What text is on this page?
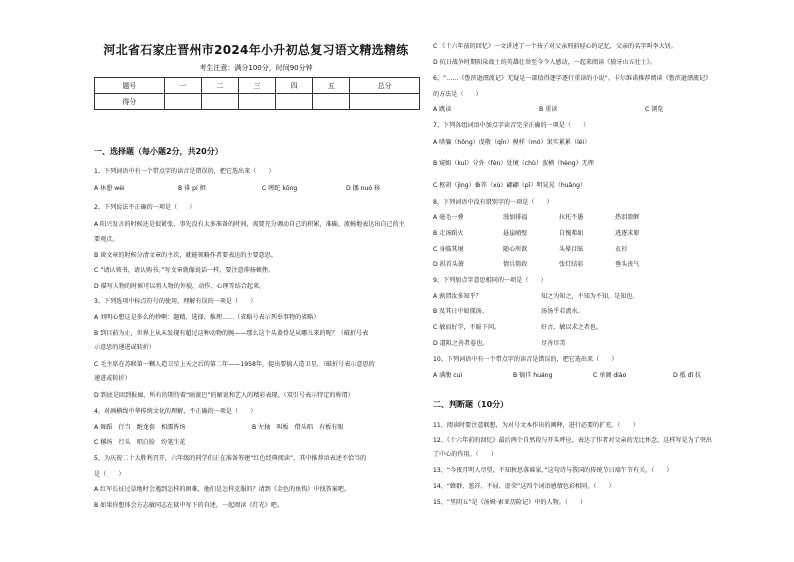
河北省石家庄晋州市2024年小升初总复习语文精选精练
考生注意：满分100分，时间90分钟
题号	一	二	三	四	五	总分
得分						
一、选择题（每小题2分，共20分）
1、下列词语中有一个带点字的读音是错误的，把它选出来（　　）
A 休憩 wèi	B 徘 pí 徊	C 嗟跎 kōng	D 挪 nuó 移
2、下列说法不正确的一项是（　　）
A 阳兴发言的时候还是很紧张，事先没有太多准备的时间，需要充分调动自己的积累，准确、流畅地表达出自己的主
要观点。
B 谈文章的时候分清文章的主次，就能领略作者要表达的主要意思。
C “请认领书，请认购书。”写文章就像说话一样，要注意抑扬顿挫。
D 描写人物的时候可以将人物的外貌、动作、心理等结合起来。
3、下列选项中标点符号的使用，理解有误的一项是（　　）
A 刘明心想这是多么的妙啊：题精、选择、推理……（省略号表示列举事物的省略）
B 到目前为止，世界上从未发现有超过这种动物的腕——那么这个头盖骨是从哪儿来的呢？（破折号表
示意思的递进或转折）
C 毛主席在苏联第一颗人造卫星上天之后的第二年——1958年，提出要搞人造卫星。（破折号表示意思的
递进或转折）
D 到底是回到报廊，所有的期待着“暗渡巴”的解说和艺人的精彩表现。（双引号表示特定的称谓）
4、对画横线中华传统文化的理解，不正确的一项是（　　）
A 舞蹈　行当　跑龙套　相濡皆场	B 左轴　叫板　借头唱　有板有眼
C 撂场　行头　唱白脸　纷笔生花
5、为庆祝二十大胜利召开，六年级的同学们正在准备筹建“红色经典阅读”，其中推荐语表述不恰当的
是（　　）
A 红军长征过草地时会遇到怎样的困难，他们是怎样克服的？请到《金色的鱼钩》中找答案吧。
B 如果你想体会方志敏同志在狱中写下的自述，一起阅读《灯光》吧。
C 《十六年前的回忆》一文讲述了一个孩子对父亲刑前轻心的记忆，父亲的名字叫李大钊。
D 抗日战争时期阳泉战士的英雄壮举至今令人感动，一起来阅读《狼牙山五壮士》。
6、“……《鲁滨逊漂流记》无疑是一部值得逐字逐行重读的小说”。卡尔维诺推荐阅读《鲁滨逊漂流记》
的方法是（　　）
A 跳读	B 重读	C 浏览
7、下列各组词语中加点字读音完全正确的一项是（　　）
A 哄骗（hǒng）虔敬（qīn）模样（mó）果实累累（léi）
B 窥蛆（kuī）分外（fèn）处境（chù）蛮横（hèng）无理
C 枢胡（jìng）畜养（xù）翩翩（pī）明晃晃（huǎng）
8、下列词语中没有错别字的一项是（　　）
A 毫毛一叠	漫加排福	拉托不愚	热泪盈眶
B 走汤蹈火	悬崖峭壁	自愧弗如	逃逐求原
C 身临其境	随心所欲	头晕目眩	衣衫
D 拱首头箫	情兵简政	张灯结彩	垂头丧气
9、下列加点字意思相同的一项是（　　）
A 孰谓汝多知乎？	知之为知之，不知为不知，是知也。
B 及其日中如探汤。	汤汤乎若流水。
C 敏而好学，不耻下问。	好古，敏以求之者也。
D 道阻之善者卷也。	尽善尽美
10、下列词语中有一个带点字的读音是错误的，把它选出来（　　）
A 满腹 cuì	B 徜徉 huáng	C 单调 diào	D 抵 dǐ 抗
二、判断题（10分）
11、阅读时要注意联想，为对号文本作出的阐释，进行必要的扩充。（　　）
12、《十六年前的回忆》最后两个自然段与开头呼应，表达了作者对父亲的无比怀念，这样写是为了突出
了中心的作用。（　　）
13、“今夜月明人尽望，不知秋思落谁家。”这句诗与我国的传统节日端午节有关。（　　）
14、“蜂群、葱祥、不屈、虚荣”这四个词语感情色彩相同。（　　）
15、“里阴五”是《汤姆·索亚历险记》中的人物。（　　）
